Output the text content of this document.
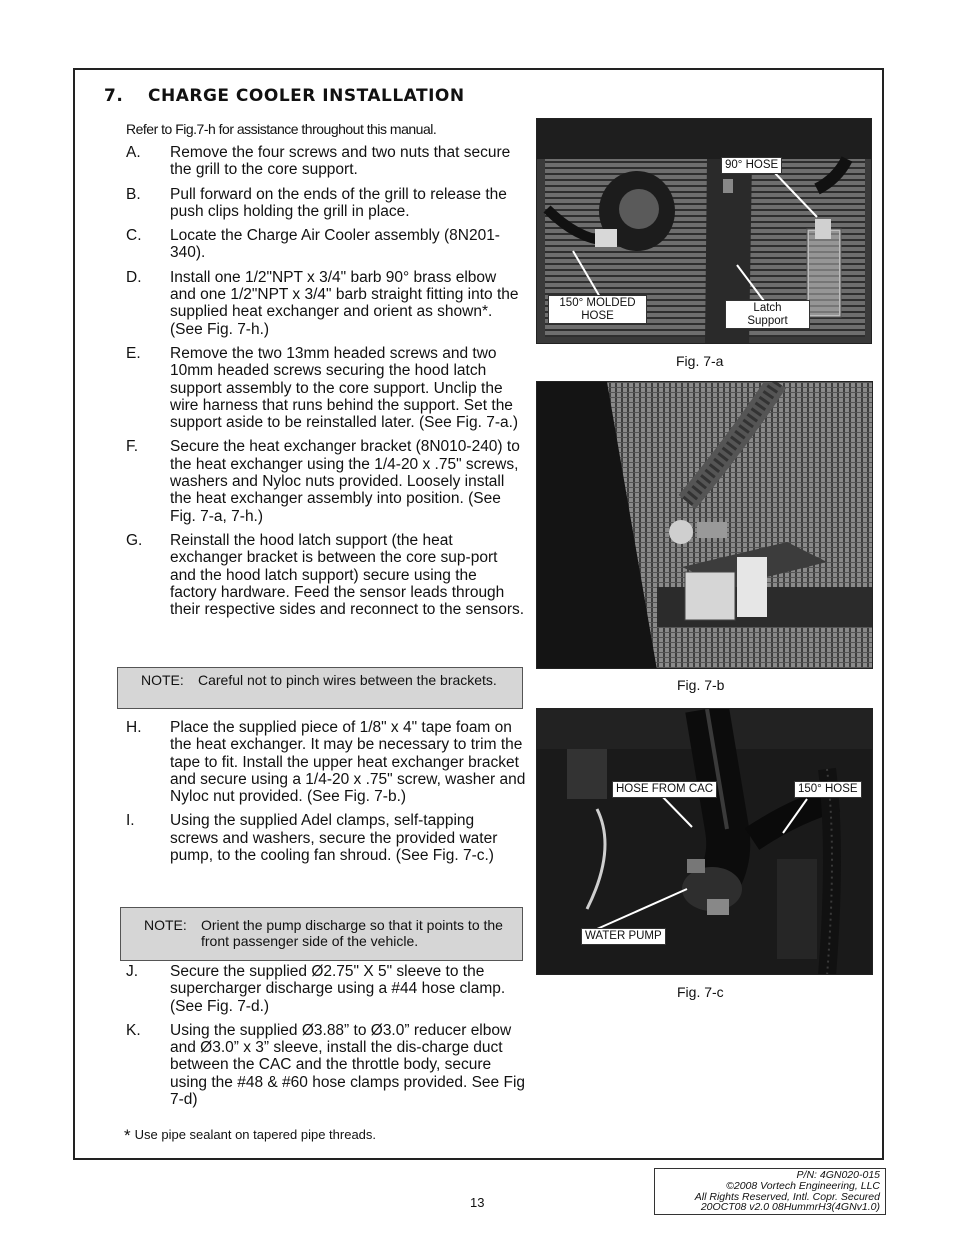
7. CHARGE COOLER INSTALLATION
Refer to Fig.7-h for assistance throughout this manual.
A. Remove the four screws and two nuts that secure the grill to the core support.
B. Pull forward on the ends of the grill to release the push clips holding the grill in place.
C. Locate the Charge Air Cooler assembly (8N201-340).
D. Install one 1/2"NPT x 3/4" barb 90° brass elbow and one 1/2"NPT x 3/4" barb straight fitting into the supplied heat exchanger and orient as shown*. (See Fig. 7-h.)
E. Remove the two 13mm headed screws and two 10mm headed screws securing the hood latch support assembly to the core support. Unclip the wire harness that runs behind the support. Set the support aside to be reinstalled later. (See Fig. 7-a.)
F. Secure the heat exchanger bracket (8N010-240) to the heat exchanger using the 1/4-20 x .75" screws, washers and Nyloc nuts provided. Loosely install the heat exchanger assembly into position. (See Fig. 7-a, 7-h.)
G. Reinstall the hood latch support (the heat exchanger bracket is between the core sup-port and the hood latch support) secure using the factory hardware. Feed the sensor leads through their respective sides and reconnect to the sensors.
NOTE: Careful not to pinch wires between the brackets.
H. Place the supplied piece of 1/8" x 4" tape foam on the heat exchanger. It may be necessary to trim the tape to fit. Install the upper heat exchanger bracket and secure using a 1/4-20 x .75" screw, washer and Nyloc nut provided. (See Fig. 7-b.)
I. Using the supplied Adel clamps, self-tapping screws and washers, secure the provided water pump, to the cooling fan shroud. (See Fig. 7-c.)
NOTE: Orient the pump discharge so that it points to the front passenger side of the vehicle.
J. Secure the supplied Ø2.75" X 5" sleeve to the supercharger discharge using a #44 hose clamp. (See Fig. 7-d.)
K. Using the supplied Ø3.88” to Ø3.0” reducer elbow and Ø3.0” x 3” sleeve, install the dis-charge duct between the CAC and the throttle body, secure using the #48 & #60 hose clamps provided. See Fig 7-d)
* Use pipe sealant on tapered pipe threads.
90° HOSE
150° MOLDED
HOSE
Latch
Support
Fig. 7-a
Fig. 7-b
HOSE FROM CAC	150° HOSE
WATER PUMP
Fig. 7-c
13
P/N: 4GN020-015
©2008 Vortech Engineering, LLC
All Rights Reserved, Intl. Copr. Secured
20OCT08 v2.0 08HummrH3(4GNv1.0)
